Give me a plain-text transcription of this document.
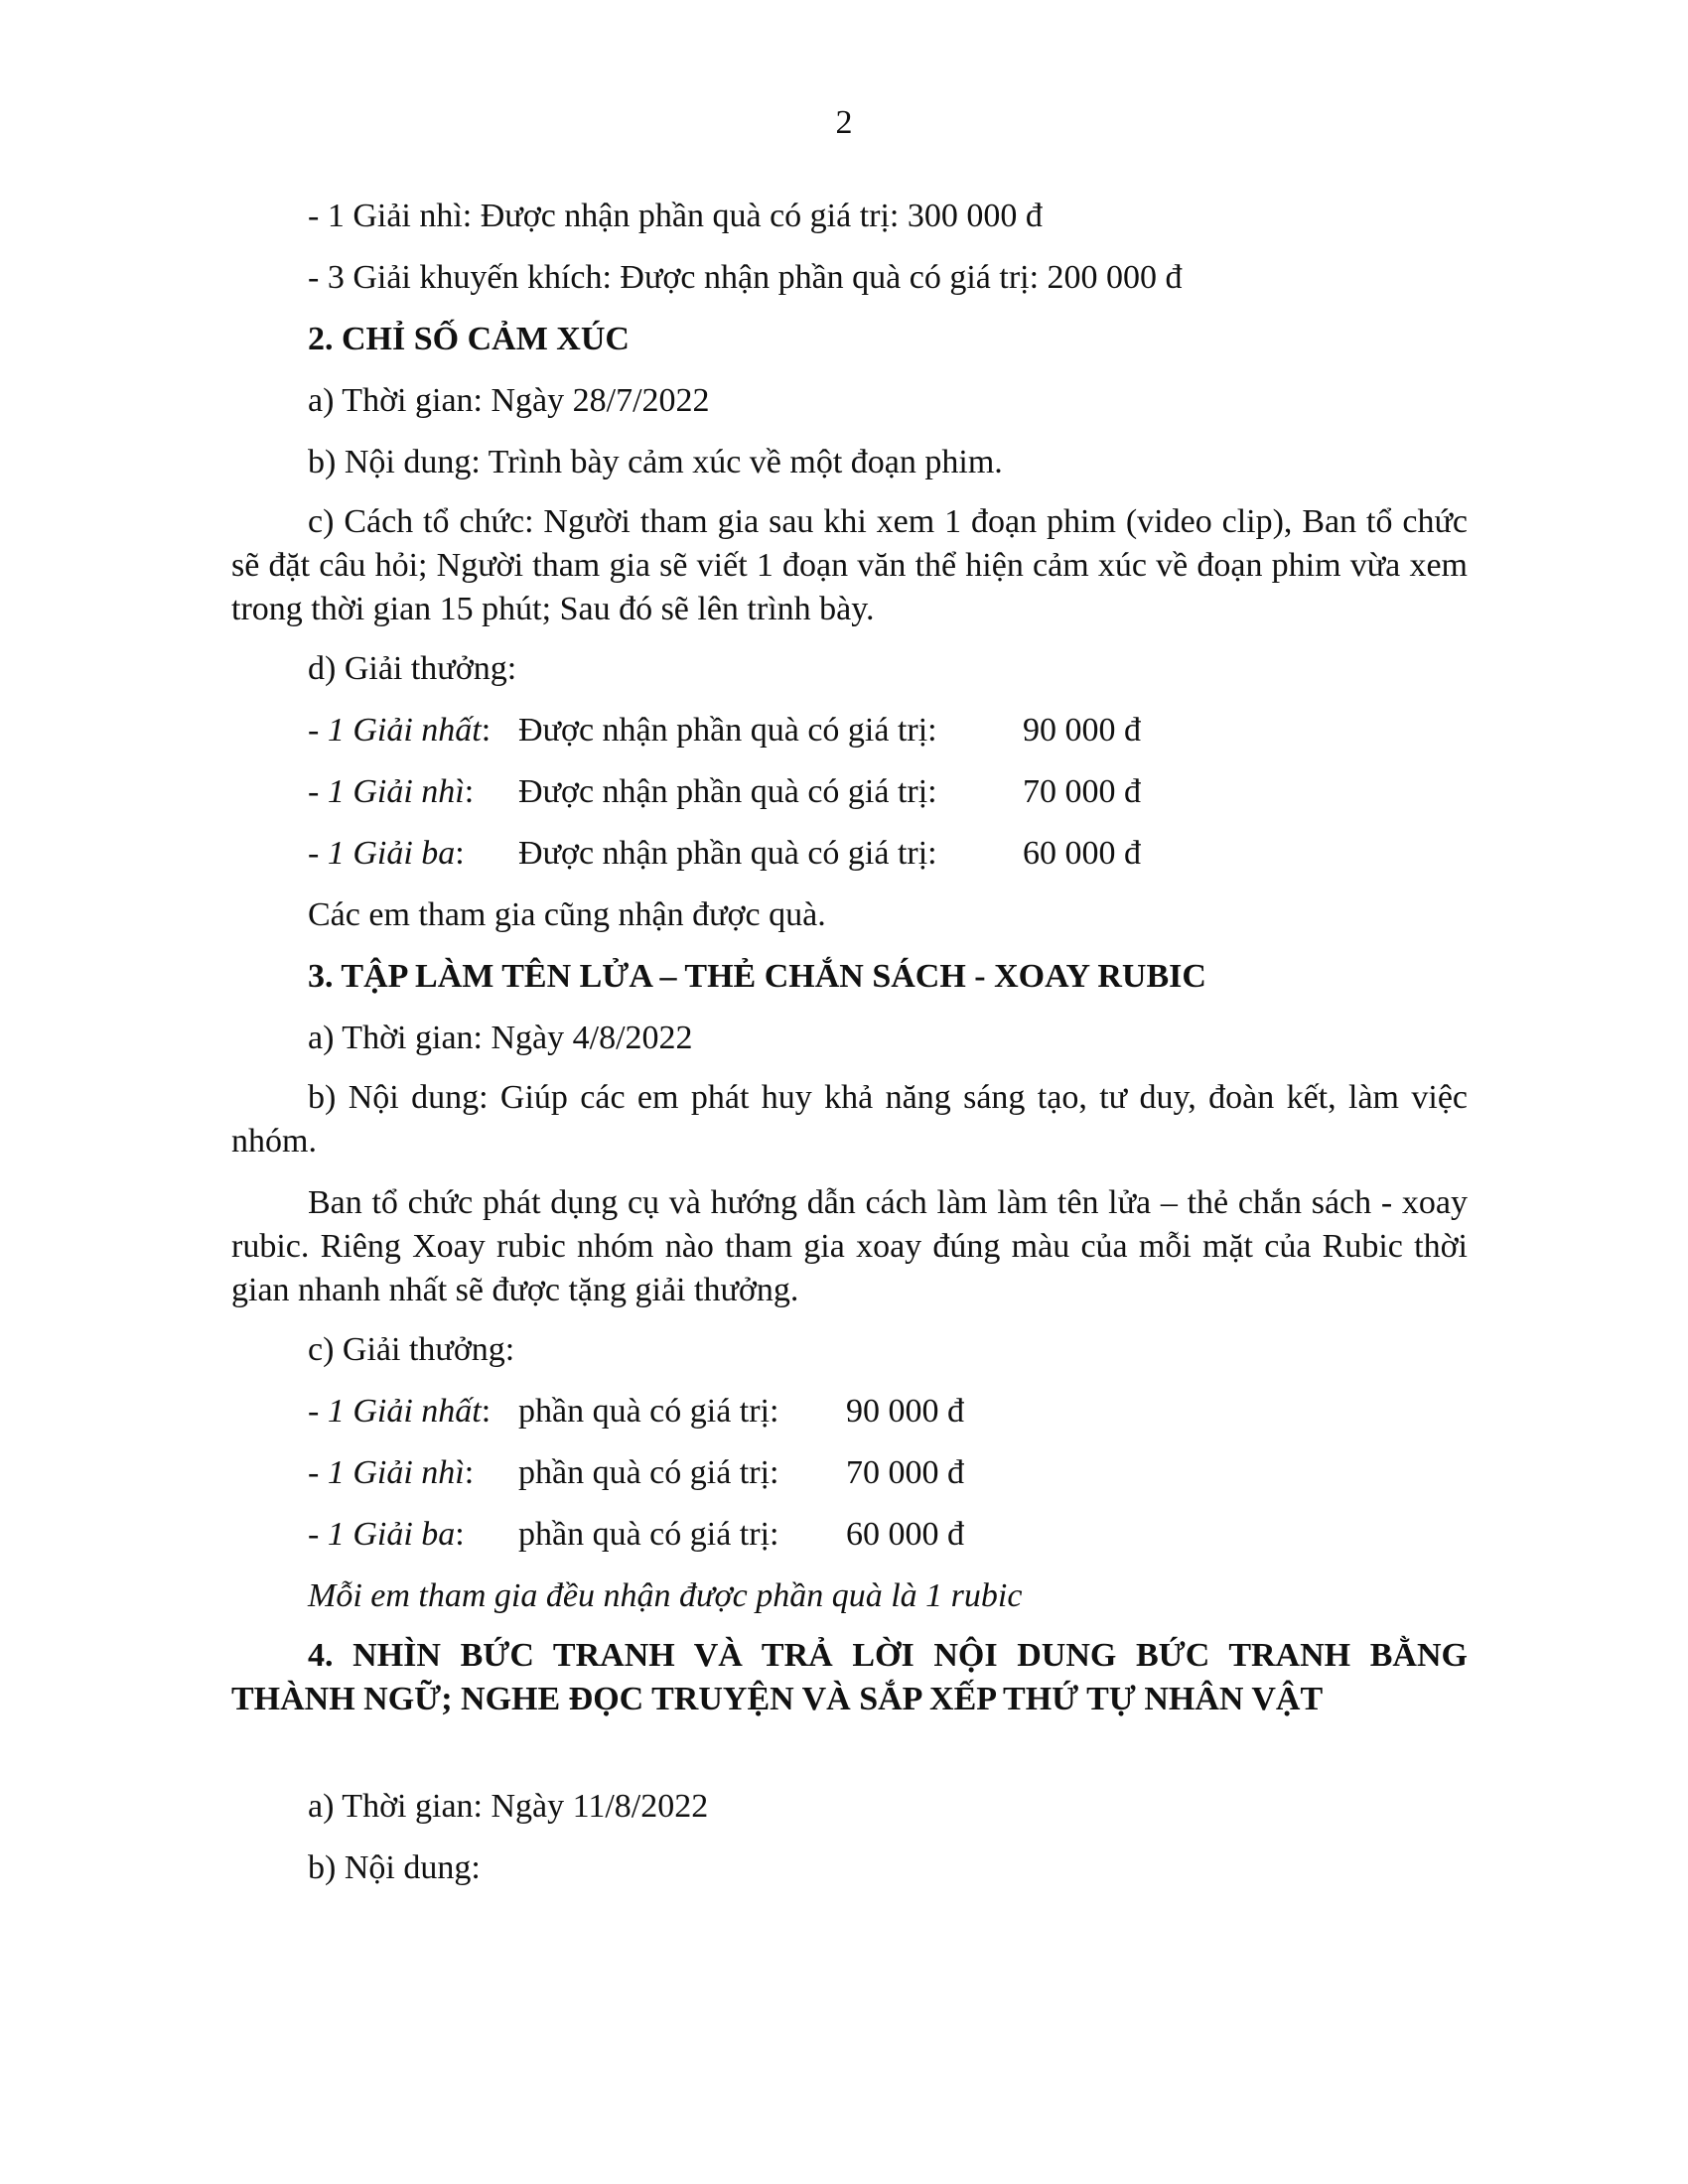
2
- 1 Giải nhì: Được nhận phần quà có giá trị: 300 000 đ
- 3 Giải khuyến khích: Được nhận phần quà có giá trị: 200 000 đ
2. CHỈ SỐ CẢM XÚC
a) Thời gian: Ngày 28/7/2022
b) Nội dung: Trình bày cảm xúc về một đoạn phim.
c) Cách tổ chức: Người tham gia sau khi xem 1 đoạn phim (video clip), Ban tổ chức sẽ đặt câu hỏi; Người tham gia sẽ viết 1 đoạn văn thể hiện cảm xúc về đoạn phim vừa xem trong thời gian 15 phút; Sau đó sẽ lên trình bày.
d) Giải thưởng:
- 1 Giải nhất: Được nhận phần quà có giá trị:	90 000 đ
- 1 Giải nhì: Được nhận phần quà có giá trị:	70 000 đ
- 1 Giải ba: Được nhận phần quà có giá trị:	60 000 đ
Các em tham gia cũng nhận được quà.
3. TẬP LÀM TÊN LỬA – THẺ CHẮN SÁCH - XOAY RUBIC
a) Thời gian: Ngày 4/8/2022
b) Nội dung: Giúp các em phát huy khả năng sáng tạo, tư duy, đoàn kết, làm việc nhóm.
Ban tổ chức phát dụng cụ và hướng dẫn cách làm làm tên lửa – thẻ chắn sách - xoay rubic. Riêng Xoay rubic nhóm nào tham gia xoay đúng màu của mỗi mặt của Rubic thời gian nhanh nhất sẽ được tặng giải thưởng.
c) Giải thưởng:
- 1 Giải nhất: phần quà có giá trị: 90 000 đ
- 1 Giải nhì: phần quà có giá trị: 70 000 đ
- 1 Giải ba: phần quà có giá trị: 60 000 đ
Mỗi em tham gia đều nhận được phần quà là 1 rubic
4. NHÌN BỨC TRANH VÀ TRẢ LỜI NỘI DUNG BỨC TRANH BẰNG THÀNH NGỮ; NGHE ĐỌC TRUYỆN VÀ SẮP XẾP THỨ TỰ NHÂN VẬT
a) Thời gian: Ngày 11/8/2022
b) Nội dung:
